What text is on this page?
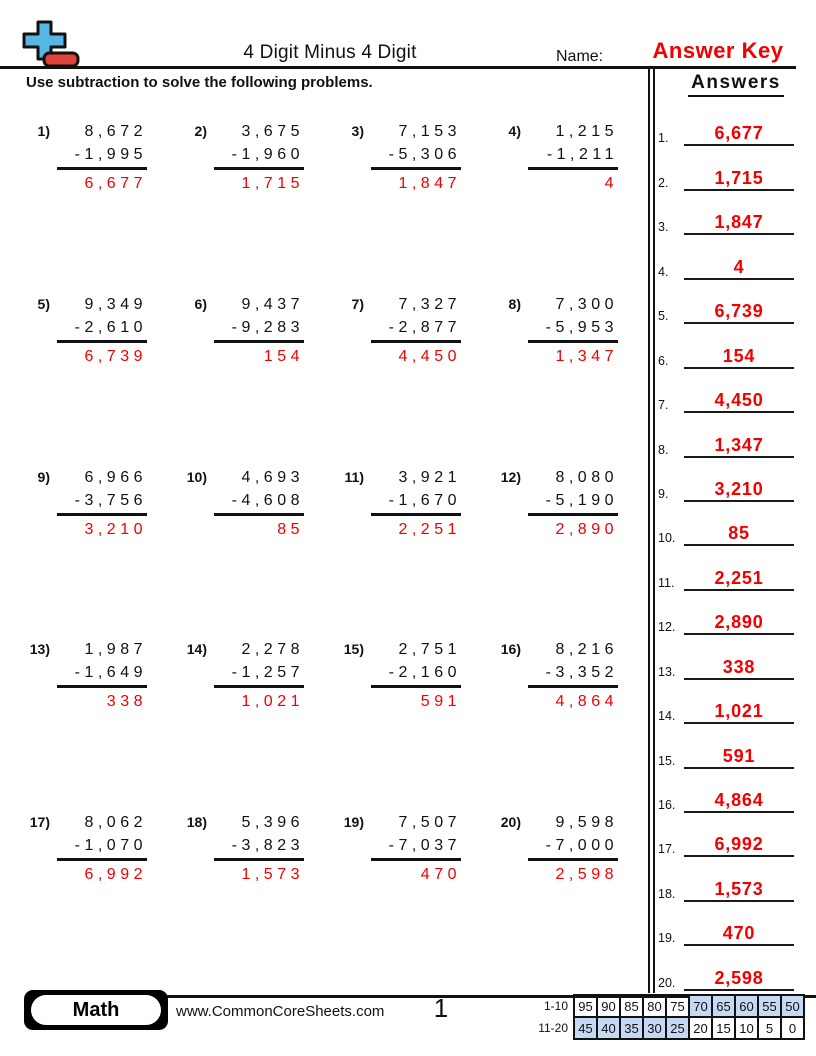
4 Digit Minus 4 Digit	Name:	Answer Key
Use subtraction to solve the following problems.	Answers
1.	6,677
2.	1,715
3.	1,847
4.	4
5.	6,739
6.	154
7.	4,450
8.	1,347
9.	3,210
10.	85
11.	2,251
12.	2,890
13.	338
14.	1,021
15.	591
16.	4,864
17.	6,992
18.	1,573
19.	470
20.	2,598
1)	8,672
-1,995
6,677
2)	3,675
-1,960
1,715
3)	7,153
-5,306
1,847
4)	1,215
-1,211
4
5)	9,349
-2,610
6,739
6)	9,437
-9,283
154
7)	7,327
-2,877
4,450
8)	7,300
-5,953
1,347
9)	6,966
-3,756
3,210
10)	4,693
-4,608
85
11)	3,921
-1,670
2,251
12)	8,080
-5,190
2,890
13)	1,987
-1,649
338
14)	2,278
-1,257
1,021
15)	2,751
-2,160
591
16)	8,216
-3,352
4,864
17)	8,062
-1,070
6,992
18)	5,396
-3,823
1,573
19)	7,507
-7,037
470
20)	9,598
-7,000
2,598
Math	www.CommonCoreSheets.com	1	1-10	95	90	85	80	75	70	65	60	55	50
11-20	45	40	35	30	25	20	15	10	5	0
